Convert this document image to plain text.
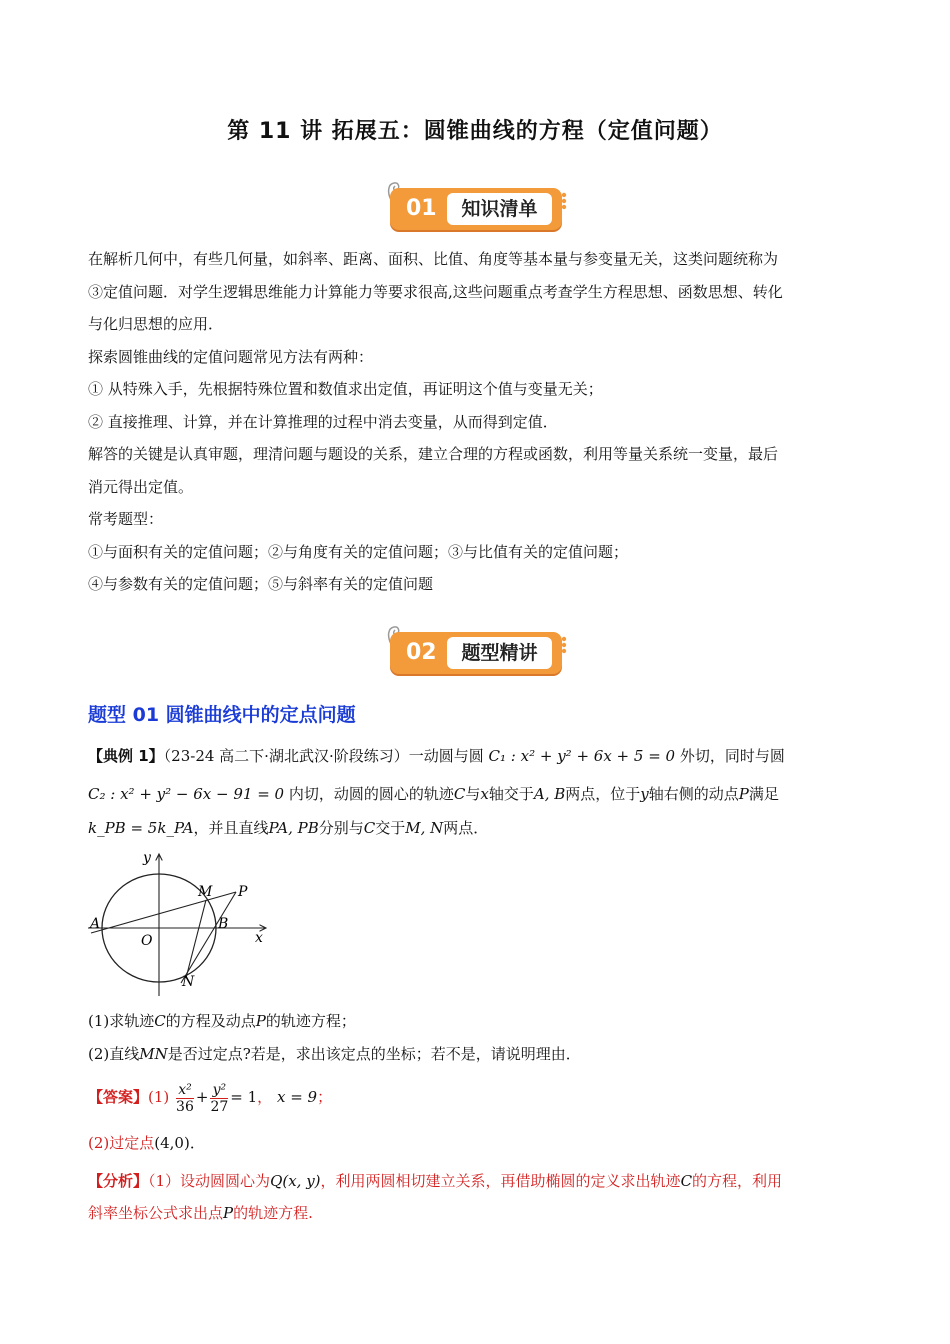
第 11 讲 拓展五：圆锥曲线的方程（定值问题）
01	知识清单
在解析几何中，有些几何量，如斜率、距离、面积、比值、角度等基本量与参变量无关，这类问题统称为
③定值问题．对学生逻辑思维能力计算能力等要求很高,这些问题重点考查学生方程思想、函数思想、转化
与化归思想的应用．
探索圆锥曲线的定值问题常见方法有两种：
① 从特殊入手，先根据特殊位置和数值求出定值，再证明这个值与变量无关；
② 直接推理、计算，并在计算推理的过程中消去变量，从而得到定值．
解答的关键是认真审题，理清问题与题设的关系，建立合理的方程或函数，利用等量关系统一变量，最后
消元得出定值。
常考题型：
①与面积有关的定值问题；②与角度有关的定值问题；③与比值有关的定值问题；
④与参数有关的定值问题；⑤与斜率有关的定值问题
02	题型精讲
题型 01 圆锥曲线中的定点问题
【典例 1】（23-24 高二下·湖北武汉·阶段练习）一动圆与圆 C₁ : x² + y² + 6x + 5 = 0 外切，同时与圆
C₂ : x² + y² − 6x − 91 = 0 内切，动圆的圆心的轨迹C与x轴交于A, B两点，位于y轴右侧的动点P满足
k_PB = 5k_PA，并且直线PA, PB分别与C交于M, N两点．
y
x
O
A	B
M P
N
(1)求轨迹C的方程及动点P的轨迹方程；
(2)直线MN是否过定点?若是，求出该定点的坐标；若不是，请说明理由．
【答案】$(1) \frac{\text{x²}}{36} + \frac{\text{y²}}{27} = 1$， x = 9；
(2)过定点(4,0)．
【分析】（1）设动圆圆心为Q(x, y)，利用两圆相切建立关系，再借助椭圆的定义求出轨迹C的方程，利用
斜率坐标公式求出点P的轨迹方程.
